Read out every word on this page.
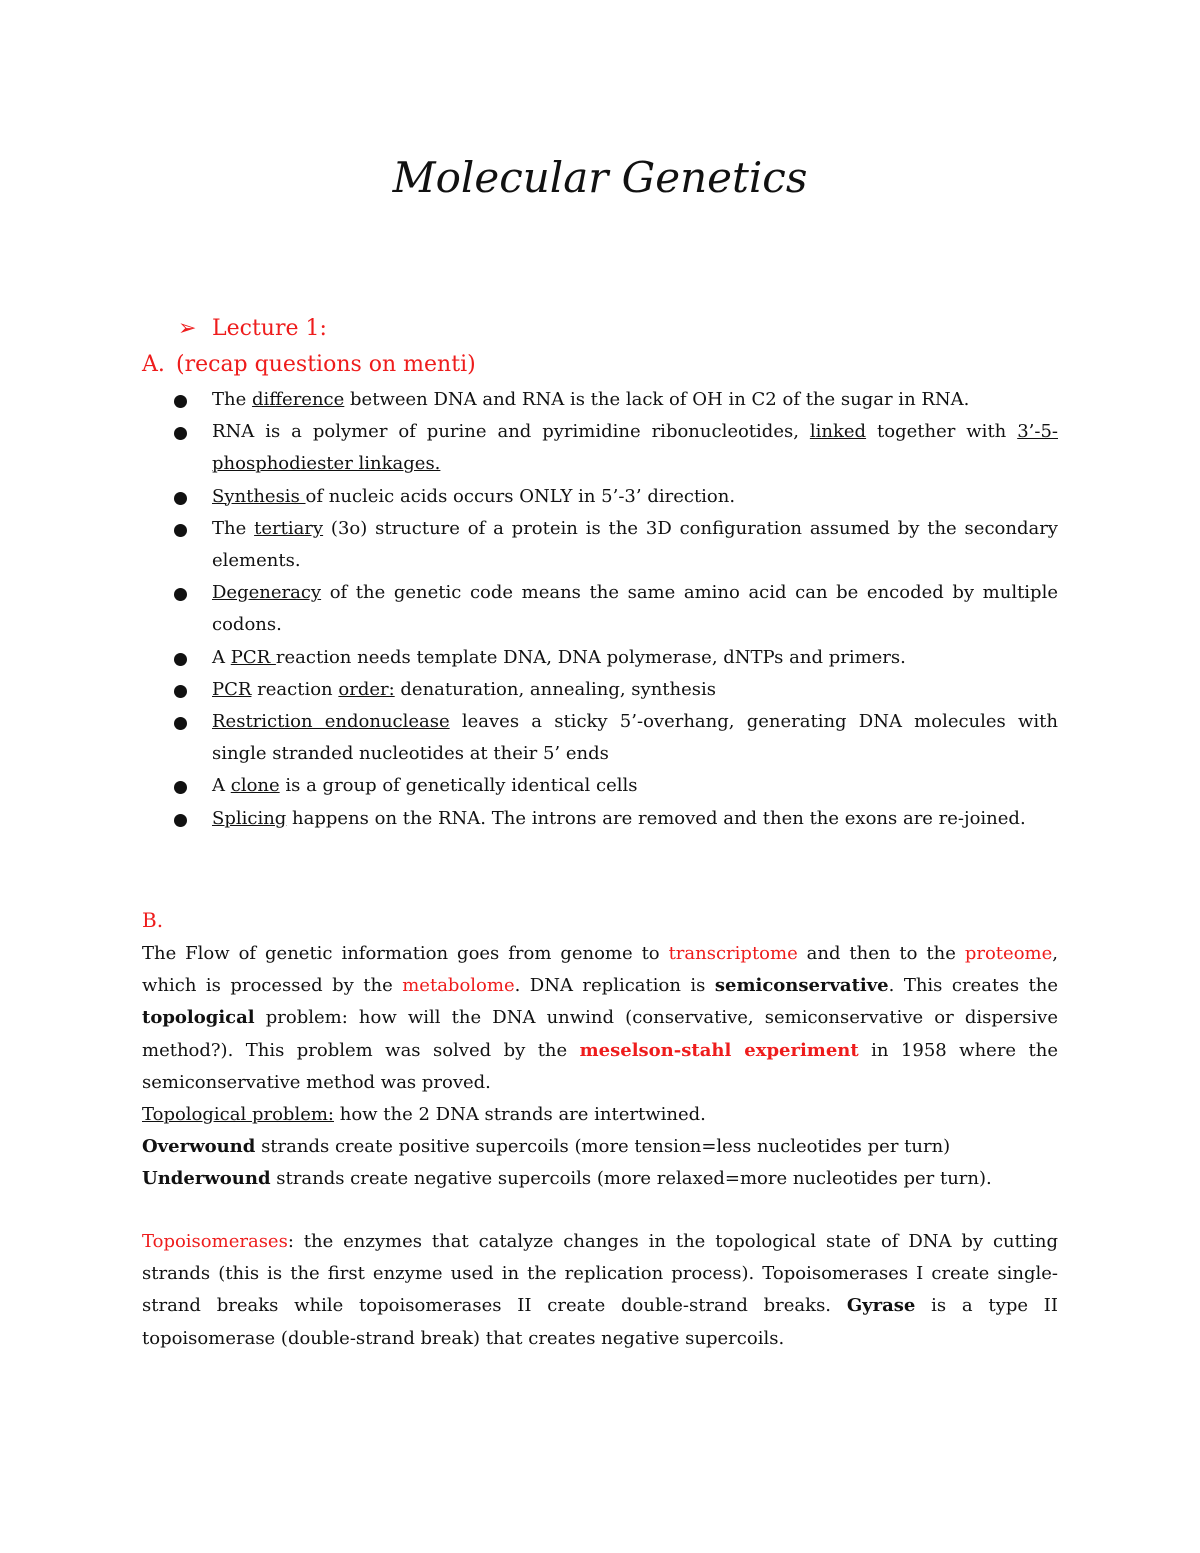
Molecular Genetics
➢ Lecture 1:
A. (recap questions on menti)
The difference between DNA and RNA is the lack of OH in C2 of the sugar in RNA.
RNA is a polymer of purine and pyrimidine ribonucleotides, linked together with 3’-5- phosphodiester linkages.
Synthesis of nucleic acids occurs ONLY in 5’-3’ direction.
The tertiary (3o) structure of a protein is the 3D configuration assumed by the secondary elements.
Degeneracy of the genetic code means the same amino acid can be encoded by multiple codons.
A PCR reaction needs template DNA, DNA polymerase, dNTPs and primers.
PCR reaction order: denaturation, annealing, synthesis
Restriction endonuclease leaves a sticky 5’-overhang, generating DNA molecules with single stranded nucleotides at their 5’ ends
A clone is a group of genetically identical cells
Splicing happens on the RNA. The introns are removed and then the exons are re-joined.
B.
The Flow of genetic information goes from genome to transcriptome and then to the proteome, which is processed by the metabolome. DNA replication is semiconservative. This creates the topological problem: how will the DNA unwind (conservative, semiconservative or dispersive method?). This problem was solved by the meselson-stahl experiment in 1958 where the semiconservative method was proved.
Topological problem: how the 2 DNA strands are intertwined.
Overwound strands create positive supercoils (more tension=less nucleotides per turn)
Underwound strands create negative supercoils (more relaxed=more nucleotides per turn).
Topoisomerases: the enzymes that catalyze changes in the topological state of DNA by cutting strands (this is the first enzyme used in the replication process). Topoisomerases I create single-strand breaks while topoisomerases II create double-strand breaks. Gyrase is a type II topoisomerase (double-strand break) that creates negative supercoils.
